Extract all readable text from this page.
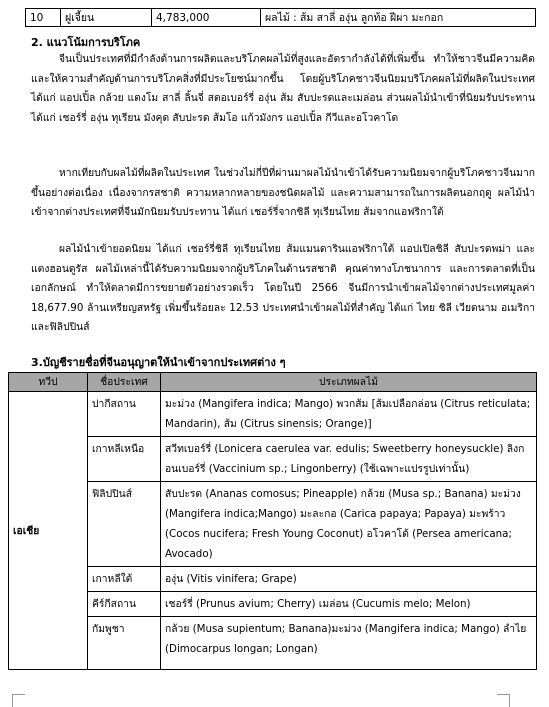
10	ฝูเจี้ยน	4,783,000	ผลไม้ : ส้ม สาลี่ องุ่น ลูกท้อ ฝีผา มะกอก
2. แนวโน้มการบริโภค
จีนเป็นประเทศที่มีกำลังด้านการผลิตและบริโภคผลไม้ที่สูงและอัตรากำลังได้ที่เพิ่มขึ้น ทำให้ชาวจีนมีความคิดและให้ความสำคัญด้านการบริโภคสิ่งที่มีประโยชน์มากขึ้น โดยผู้บริโภคชาวจีนนิยมบริโภคผลไม้ที่ผลิตในประเทศ ได้แก่ แอปเปิ้ล กล้วย แตงโม สาลี่ ลิ้นจี่ สตอเบอร์รี่ องุ่น ส้ม สับปะรดและเมล่อน ส่วนผลไม้นำเข้าที่นิยมรับประทาน ได้แก่ เชอร์รี่ องุ่น ทุเรียน มังคุด สับปะรด ส้มโอ แก้วมังกร แอปเปิ้ล กีวีและอโวคาโด
หากเทียบกับผลไม้ที่ผลิตในประเทศ ในช่วงไม่กี่ปีที่ผ่านมาผลไม้นำเข้าได้รับความนิยมจากผู้บริโภคชาวจีนมากขึ้นอย่างต่อเนื่อง เนื่องจากรสชาติ ความหลากหลายของชนิดผลไม้ และความสามารถในการผลิตนอกฤดู ผลไม้นำเข้าจากต่างประเทศที่จีนมักนิยมรับประทาน ได้แก่ เชอร์รี่จากชิลี ทุเรียนไทย ส้มจากแอฟริกาใต้
ผลไม้นำเข้ายอดนิยม ได้แก่ เชอร์รี่ชิลี ทุเรียนไทย ส้มแมนดารินแอฟริกาใต้ แอปเปิลชิลี สับปะรดพม่า และแตงฮอนดูรัส ผลไม้เหล่านี้ได้รับความนิยมจากผู้บริโภคในด้านรสชาติ คุณค่าทางโภชนาการ และการตลาดที่เป็นเอกลักษณ์ ทำให้ตลาดมีการขยายตัวอย่างรวดเร็ว โดยในปี 2566 จีนมีการนำเข้าผลไม้จากต่างประเทศมูลค่า 18,677.90 ล้านเหรียญสหรัฐ เพิ่มขึ้นร้อยละ 12.53 ประเทศนำเข้าผลไม้ที่สำคัญ ได้แก่ ไทย ชิลี เวียดนาม อเมริกา และฟิลิปปินส์
3.บัญชีรายชื่อที่จีนอนุญาตให้นำเข้าจากประเทศต่าง ๆ
ทวีป	ชื่อประเทศ	ประเภทผลไม้
เอเชีย	ปากีสถาน	มะม่วง (Mangifera indica; Mango) พวกส้ม [ส้มเปลือกล่อน (Citrus reticulata; Mandarin), ส้ม (Citrus sinensis; Orange)]
	เกาหลีเหนือ	สวีทเบอร์รี่ (Lonicera caerulea var. edulis; Sweetberry honeysuckle) ลิงกอนเบอร์รี่ (Vaccinium sp.; Lingonberry) (ใช้เฉพาะแปรรูปเท่านั้น)
	ฟิลิปปินส์	สับปะรด (Ananas comosus; Pineapple) กล้วย (Musa sp.; Banana) มะม่วง (Mangifera indica;Mango) มะละกอ (Carica papaya; Papaya) มะพร้าว (Cocos nucifera; Fresh Young Coconut) อโวคาโด้ (Persea americana; Avocado)
	เกาหลีใต้	องุ่น (Vitis vinifera; Grape)
	คีร์กีสถาน	เชอร์รี่ (Prunus avium; Cherry) เมล่อน (Cucumis melo; Melon)
	กัมพูชา	กล้วย (Musa supientum; Banana)มะม่วง (Mangifera indica; Mango) ลำไย (Dimocarpus longan; Longan)
